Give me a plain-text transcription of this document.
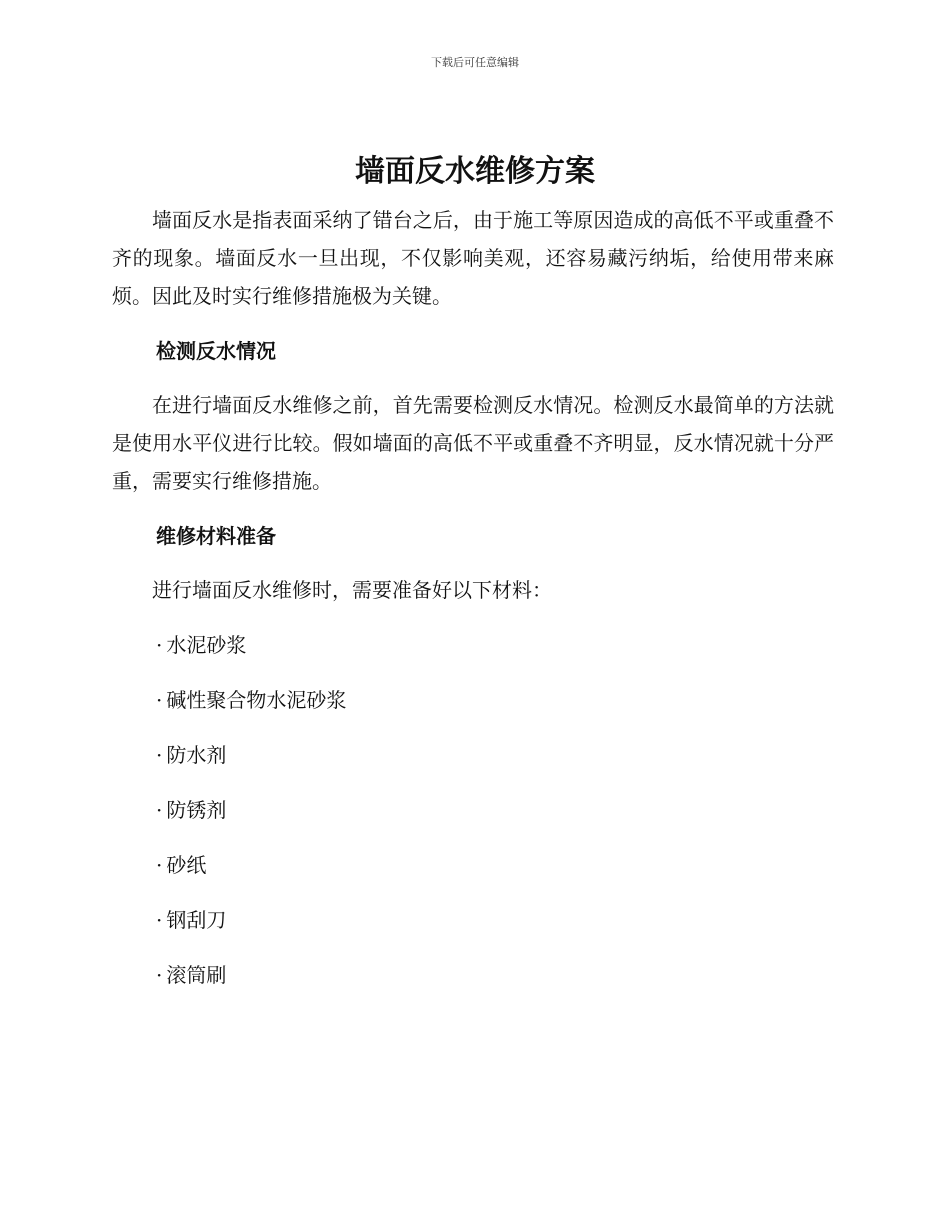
下载后可任意编辑
墙面反水维修方案

墙面反水是指表面采纳了错台之后，由于施工等原因造成的高低不平或重叠不齐的现象。墙面反水一旦出现，不仅影响美观，还容易藏污纳垢，给使用带来麻烦。因此及时实行维修措施极为关键。

检测反水情况

在进行墙面反水维修之前，首先需要检测反水情况。检测反水最简单的方法就是使用水平仪进行比较。假如墙面的高低不平或重叠不齐明显，反水情况就十分严重，需要实行维修措施。

维修材料准备

进行墙面反水维修时，需要准备好以下材料：

· 水泥砂浆
· 碱性聚合物水泥砂浆
· 防水剂
· 防锈剂
· 砂纸
· 钢刮刀
· 滚筒刷
